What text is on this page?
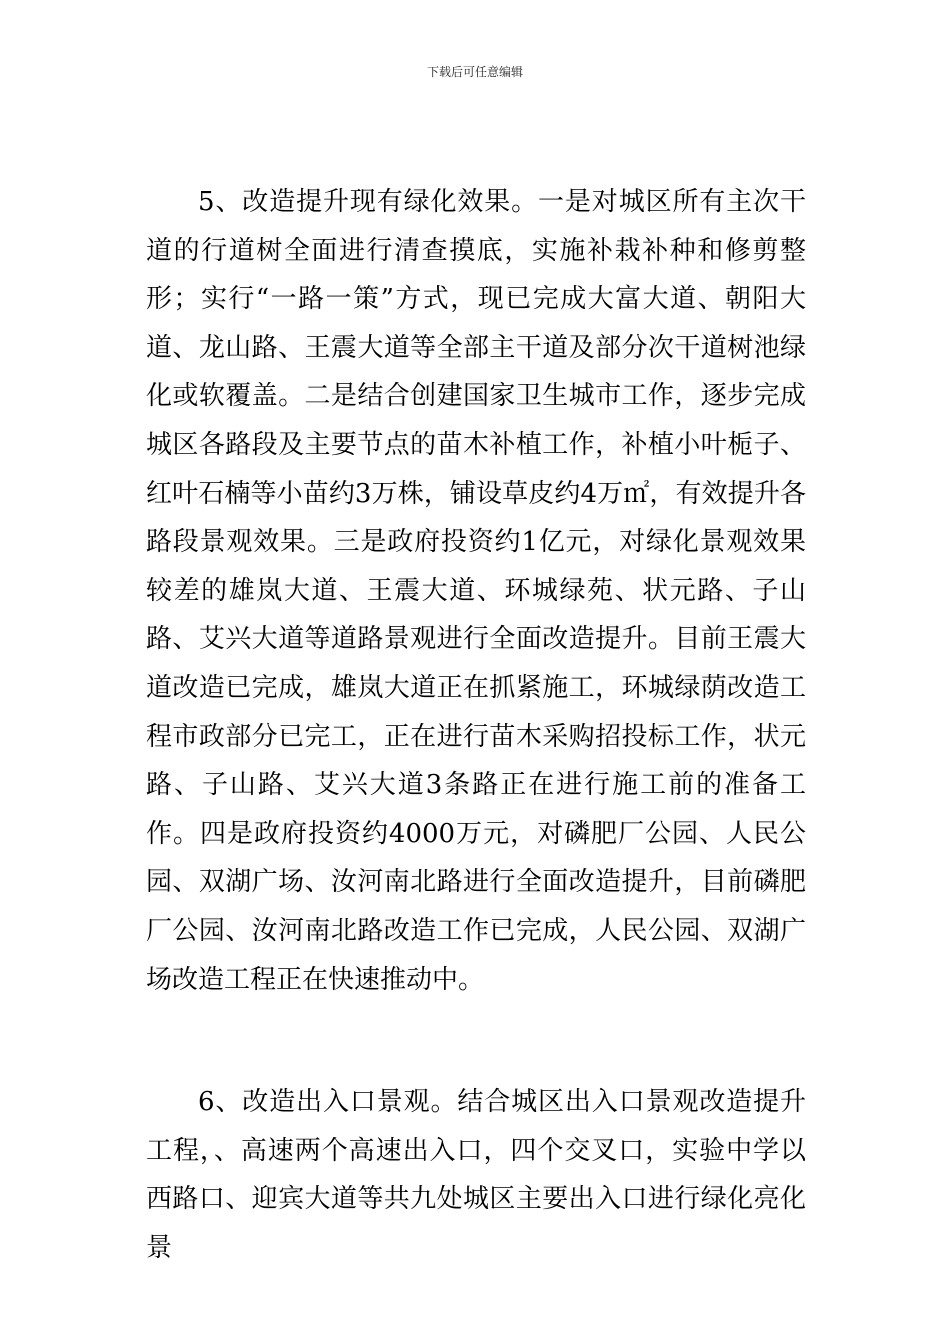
下载后可任意编辑

5、改造提升现有绿化效果。一是对城区所有主次干道的行道树全面进行清查摸底，实施补栽补种和修剪整形；实行“一路一策”方式，现已完成大富大道、朝阳大道、龙山路、王震大道等全部主干道及部分次干道树池绿化或软覆盖。二是结合创建国家卫生城市工作，逐步完成城区各路段及主要节点的苗木补植工作，补植小叶栀子、红叶石楠等小苗约3万株，铺设草皮约4万㎡，有效提升各路段景观效果。三是政府投资约1亿元，对绿化景观效果较差的雄岚大道、王震大道、环城绿苑、状元路、子山路、艾兴大道等道路景观进行全面改造提升。目前王震大道改造已完成，雄岚大道正在抓紧施工，环城绿荫改造工程市政部分已完工，正在进行苗木采购招投标工作，状元路、子山路、艾兴大道3条路正在进行施工前的准备工作。四是政府投资约4000万元，对磷肥厂公园、人民公园、双湖广场、汝河南北路进行全面改造提升，目前磷肥厂公园、汝河南北路改造工作已完成，人民公园、双湖广场改造工程正在快速推动中。

6、改造出入口景观。结合城区出入口景观改造提升工程，、高速两个高速出入口，四个交叉口，实验中学以西路口、迎宾大道等共九处城区主要出入口进行绿化亮化景
